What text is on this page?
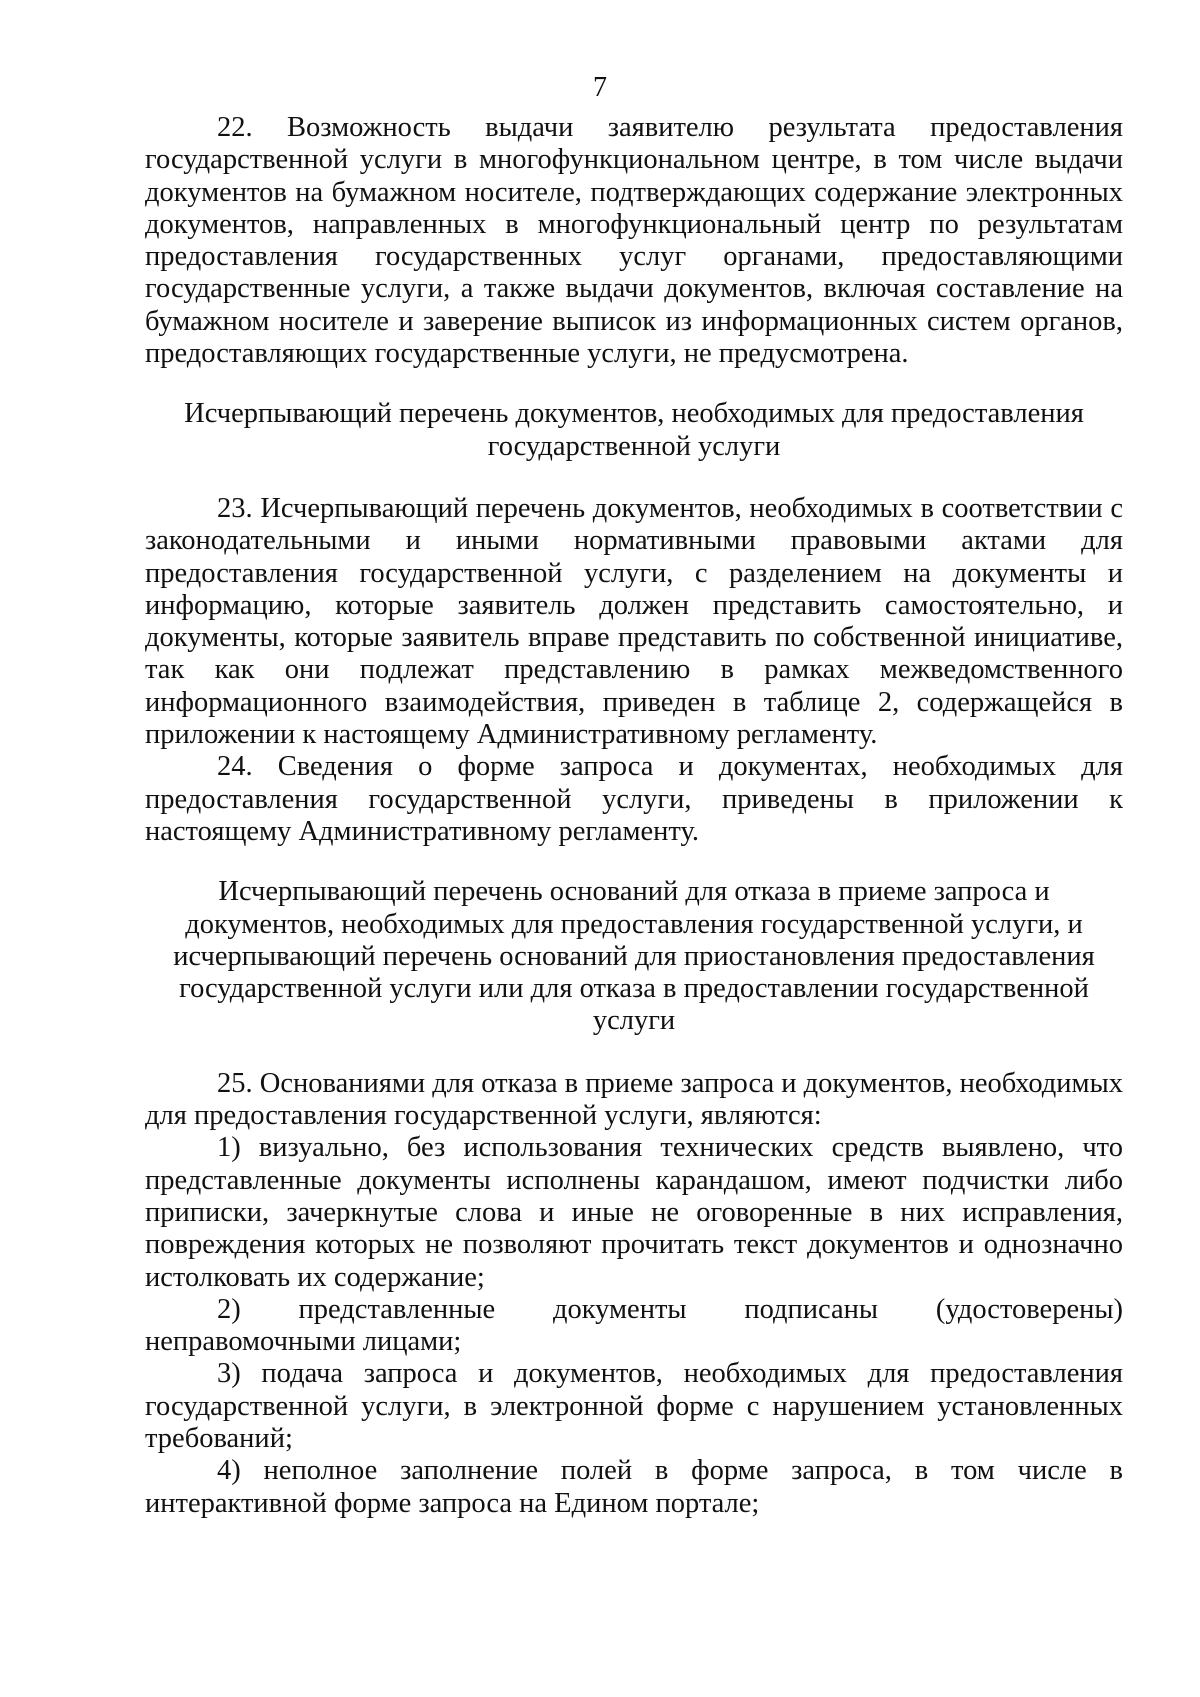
7

22. Возможность выдачи заявителю результата предоставления государственной услуги в многофункциональном центре, в том числе выдачи документов на бумажном носителе, подтверждающих содержание электронных документов, направленных в многофункциональный центр по результатам предоставления государственных услуг органами, предоставляющими государственные услуги, а также выдачи документов, включая составление на бумажном носителе и заверение выписок из информационных систем органов, предоставляющих государственные услуги, не предусмотрена.

Исчерпывающий перечень документов, необходимых для предоставления государственной услуги

23. Исчерпывающий перечень документов, необходимых в соответствии с законодательными и иными нормативными правовыми актами для предоставления государственной услуги, с разделением на документы и информацию, которые заявитель должен представить самостоятельно, и документы, которые заявитель вправе представить по собственной инициативе, так как они подлежат представлению в рамках межведомственного информационного взаимодействия, приведен в таблице 2, содержащейся в приложении к настоящему Административному регламенту.

24. Сведения о форме запроса и документах, необходимых для предоставления государственной услуги, приведены в приложении к настоящему Административному регламенту.

Исчерпывающий перечень оснований для отказа в приеме запроса и документов, необходимых для предоставления государственной услуги, и исчерпывающий перечень оснований для приостановления предоставления государственной услуги или для отказа в предоставлении государственной услуги

25. Основаниями для отказа в приеме запроса и документов, необходимых для предоставления государственной услуги, являются:

1) визуально, без использования технических средств выявлено, что представленные документы исполнены карандашом, имеют подчистки либо приписки, зачеркнутые слова и иные не оговоренные в них исправления, повреждения которых не позволяют прочитать текст документов и однозначно истолковать их содержание;

2) представленные документы подписаны (удостоверены) неправомочными лицами;

3) подача запроса и документов, необходимых для предоставления государственной услуги, в электронной форме с нарушением установленных требований;

4) неполное заполнение полей в форме запроса, в том числе в интерактивной форме запроса на Едином портале;
